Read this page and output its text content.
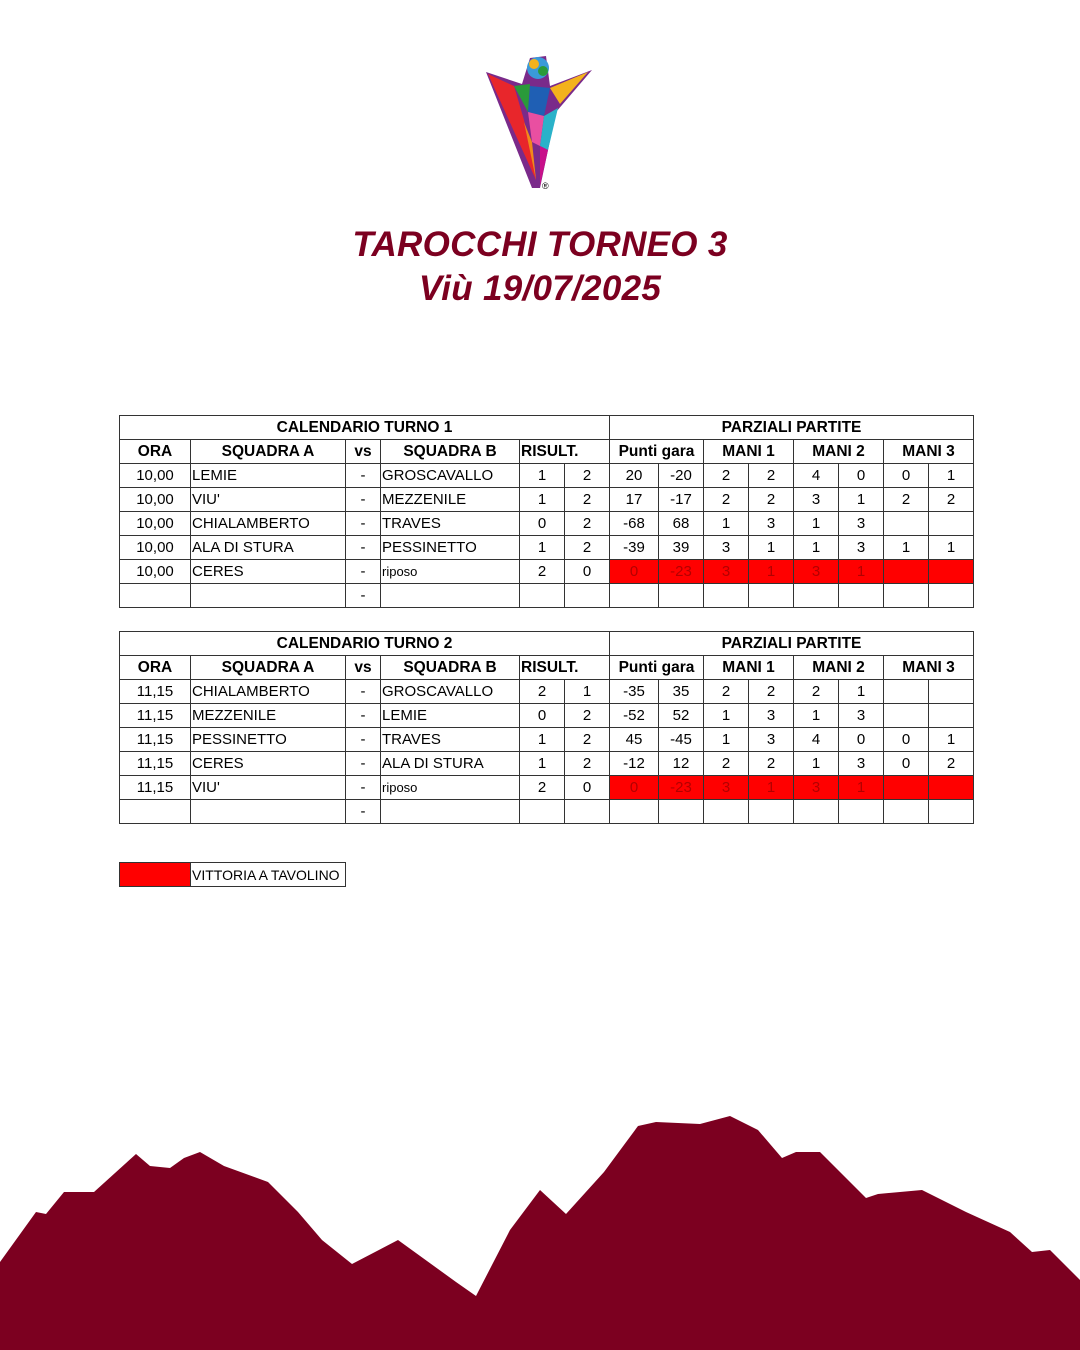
®
TAROCCHI TORNEO 3
Viù 19/07/2025
CALENDARIO TURNO 1						PARZIALI PARTITE							
ORA	SQUADRA A	vs	SQUADRA B	RISULT.		Punti gara		MANI 1		MANI 2		MANI 3	
10,00	LEMIE	-	GROSCAVALLO	1	2	20	-20	2	2	4	0	0	1
10,00	VIU'	-	MEZZENILE	1	2	17	-17	2	2	3	1	2	2
10,00	CHIALAMBERTO	-	TRAVES	0	2	-68	68	1	3	1	3		
10,00	ALA DI STURA	-	PESSINETTO	1	2	-39	39	3	1	1	3	1	1
10,00	CERES	-	riposo	2	0	0	-23	3	1	3	1		
		-											
CALENDARIO TURNO 2						PARZIALI PARTITE							
ORA	SQUADRA A	vs	SQUADRA B	RISULT.		Punti gara		MANI 1		MANI 2		MANI 3	
11,15	CHIALAMBERTO	-	GROSCAVALLO	2	1	-35	35	2	2	2	1		
11,15	MEZZENILE	-	LEMIE	0	2	-52	52	1	3	1	3		
11,15	PESSINETTO	-	TRAVES	1	2	45	-45	1	3	4	0	0	1
11,15	CERES	-	ALA DI STURA	1	2	-12	12	2	2	1	3	0	2
11,15	VIU'	-	riposo	2	0	0	-23	3	1	3	1		
		-											
	VITTORIA A TAVOLINO
